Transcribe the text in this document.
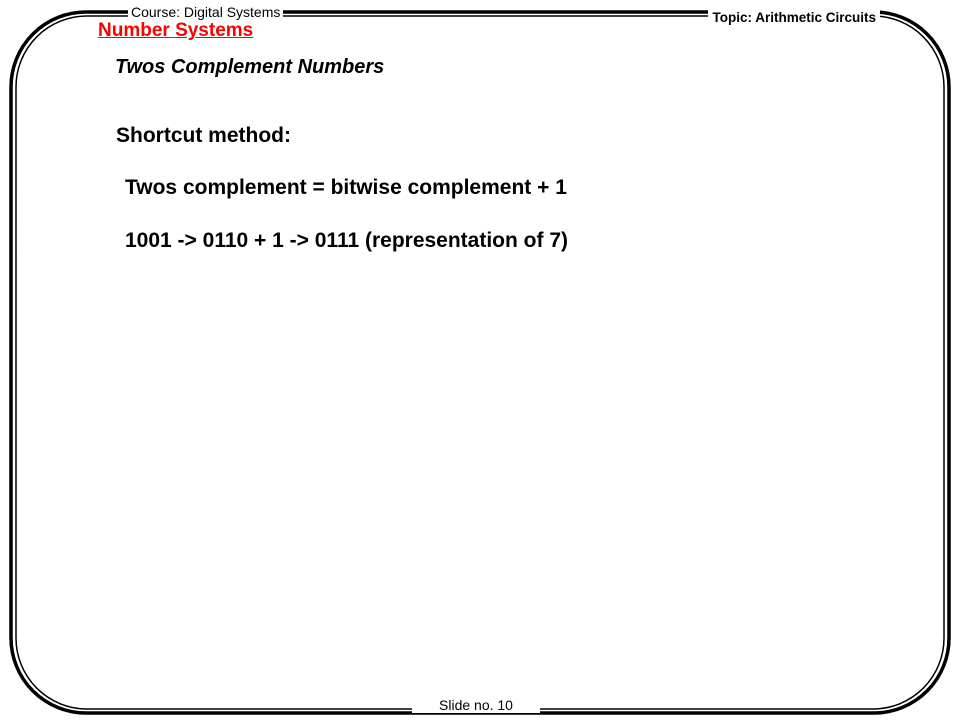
Course: Digital Systems	Topic: Arithmetic Circuits
Number Systems
Twos Complement Numbers
Shortcut method:
Twos complement = bitwise complement + 1
1001 -> 0110 + 1 -> 0111 (representation of 7)
Slide no. 10
